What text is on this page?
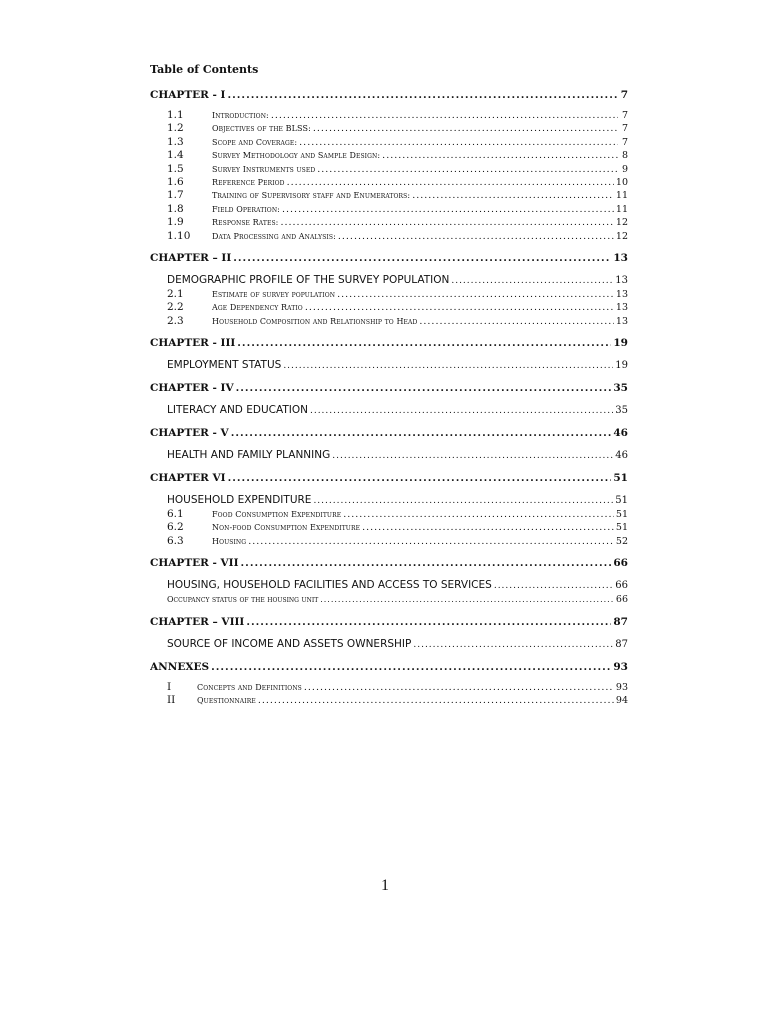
Table of Contents
CHAPTER - I .....	7
1.1	Introduction: .....	7
1.2	Objectives of the BLSS: .....	7
1.3	Scope and Coverage: .....	7
1.4	Survey Methodology and Sample Design: .....	8
1.5	Survey Instruments used .....	9
1.6	Reference Period .....	10
1.7	Training of Supervisory staff and Enumerators: .....	11
1.8	Field Operation: .....	11
1.9	Response Rates: .....	12
1.10	Data Processing and Analysis: .....	12
CHAPTER – II .....	13
DEMOGRAPHIC PROFILE OF THE SURVEY POPULATION .....	13
2.1	Estimate of survey population .....	13
2.2	Age Dependency Ratio .....	13
2.3	Household Composition and Relationship to Head .....	13
CHAPTER - III .....	19
EMPLOYMENT STATUS .....	19
CHAPTER - IV .....	35
LITERACY AND EDUCATION .....	35
CHAPTER - V .....	46
HEALTH AND FAMILY PLANNING .....	46
CHAPTER VI .....	51
HOUSEHOLD EXPENDITURE .....	51
6.1	Food Consumption Expenditure .....	51
6.2	Non-food Consumption Expenditure .....	51
6.3	Housing .....	52
CHAPTER - VII .....	66
HOUSING, HOUSEHOLD FACILITIES AND ACCESS TO SERVICES .....	66
Occupancy status of the housing unit .....	66
CHAPTER – VIII .....	87
SOURCE OF INCOME AND ASSETS OWNERSHIP .....	87
ANNEXES .....	93
I	Concepts and Definitions .....	93
II	Questionnaire .....	94
1
